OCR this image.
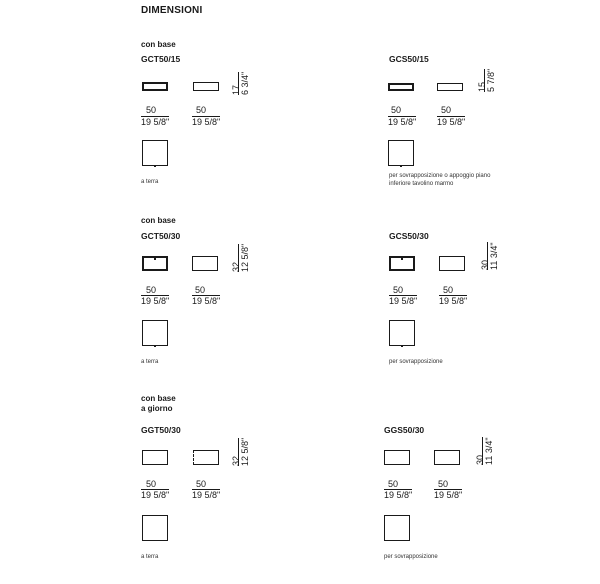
DIMENSIONI
con base
GCT50/15
17
6 3/4"
50
19 5/8"
50
19 5/8"
a terra
GCS50/15
15
5 7/8"
50
19 5/8"
50
19 5/8"
per sovrapposizione o appoggio piano inferiore tavolino marmo
con base
GCT50/30
32
12 5/8"
50
19 5/8"
50
19 5/8"
a terra
GCS50/30
30
11 3/4"
50
19 5/8"
50
19 5/8"
per sovrapposizione
con base
a giorno
GGT50/30
32
12 5/8"
50
19 5/8"
50
19 5/8"
a terra
GGS50/30
30
11 3/4"
50
19 5/8"
50
19 5/8"
per sovrapposizione
